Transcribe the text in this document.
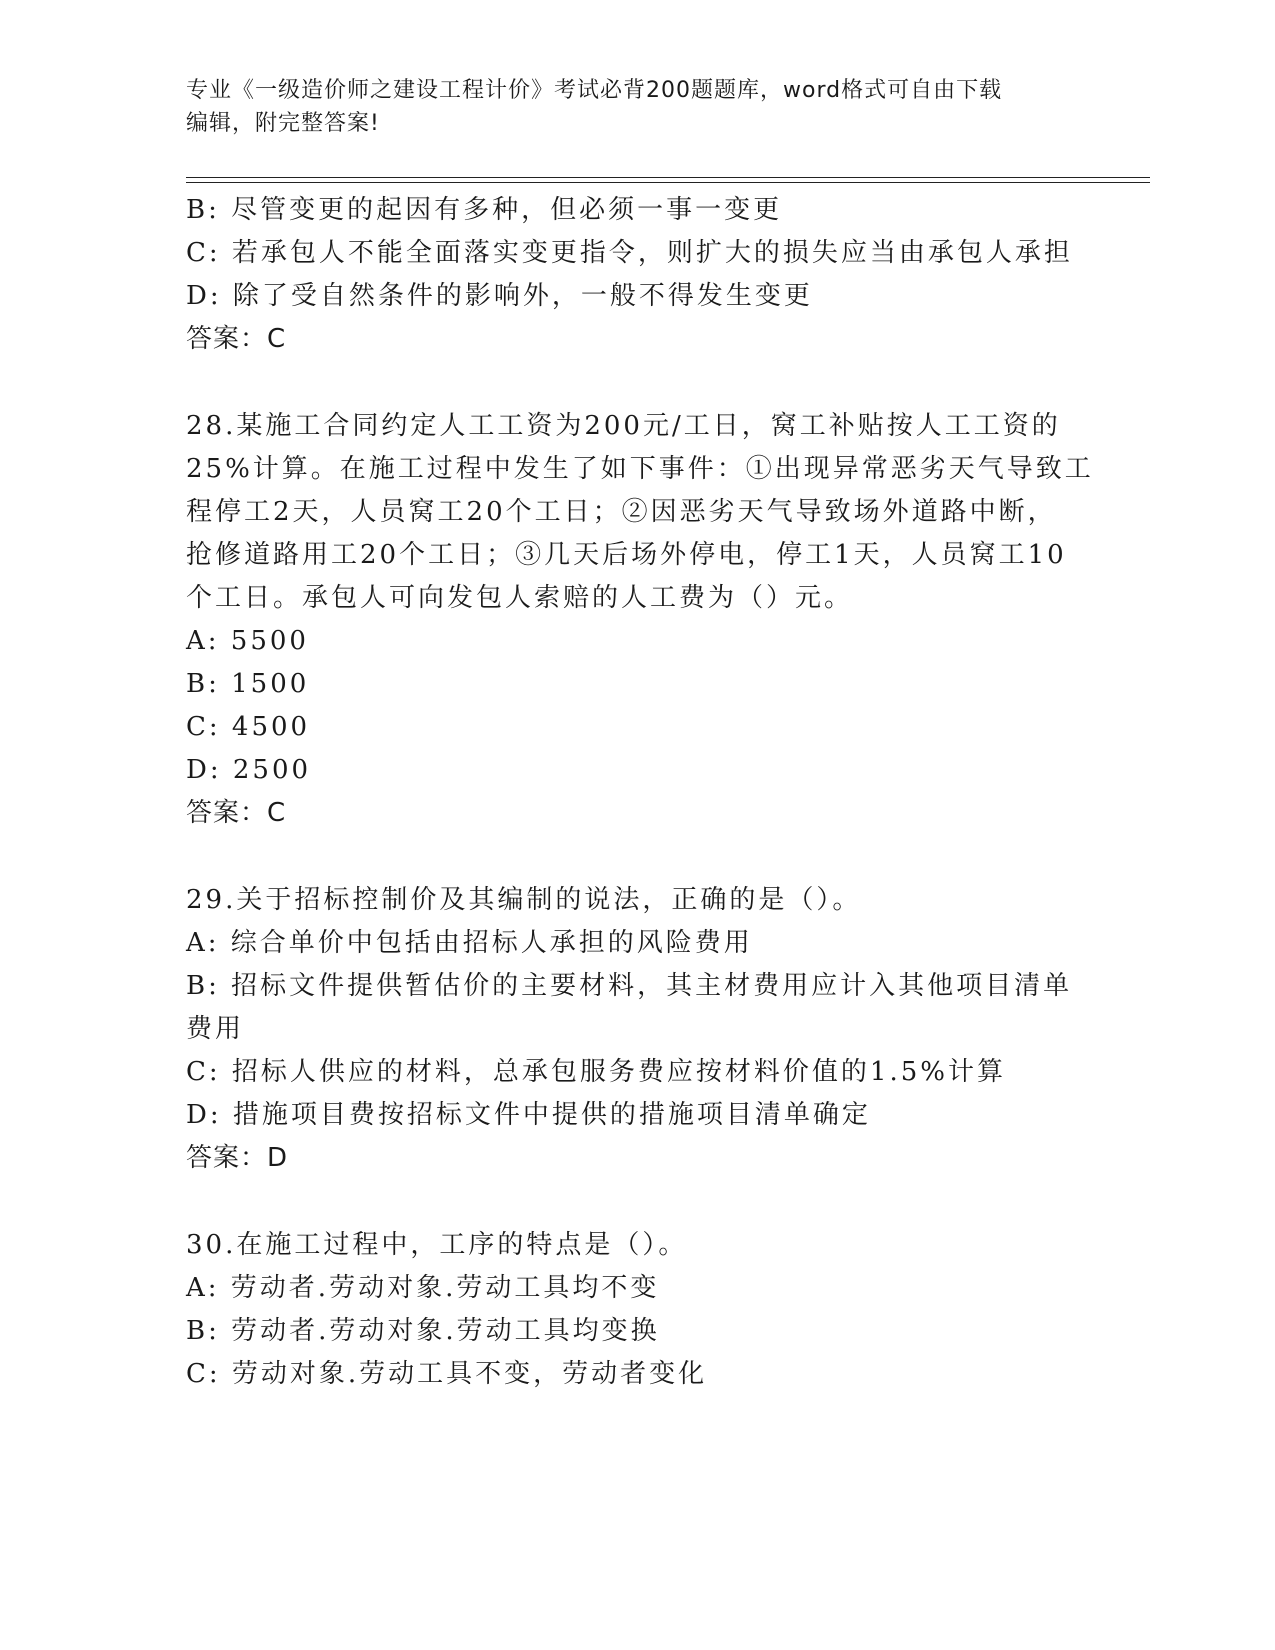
专业《一级造价师之建设工程计价》考试必背200题题库，word格式可自由下载
编辑，附完整答案!
B: 尽管变更的起因有多种，但必须一事一变更
C: 若承包人不能全面落实变更指令，则扩大的损失应当由承包人承担
D: 除了受自然条件的影响外，一般不得发生变更
答案：C
28.某施工合同约定人工工资为200元/工日，窝工补贴按人工工资的
25%计算。在施工过程中发生了如下事件：①出现异常恶劣天气导致工
程停工2天，人员窝工20个工日；②因恶劣天气导致场外道路中断，
抢修道路用工20个工日；③几天后场外停电，停工1天，人员窝工10
个工日。承包人可向发包人索赔的人工费为（）元。
A: 5500
B: 1500
C: 4500
D: 2500
答案：C
29.关于招标控制价及其编制的说法，正确的是（）。
A: 综合单价中包括由招标人承担的风险费用
B: 招标文件提供暂估价的主要材料，其主材费用应计入其他项目清单
费用
C: 招标人供应的材料，总承包服务费应按材料价值的1.5%计算
D: 措施项目费按招标文件中提供的措施项目清单确定
答案：D
30.在施工过程中，工序的特点是（）。
A: 劳动者.劳动对象.劳动工具均不变
B: 劳动者.劳动对象.劳动工具均变换
C: 劳动对象.劳动工具不变，劳动者变化
